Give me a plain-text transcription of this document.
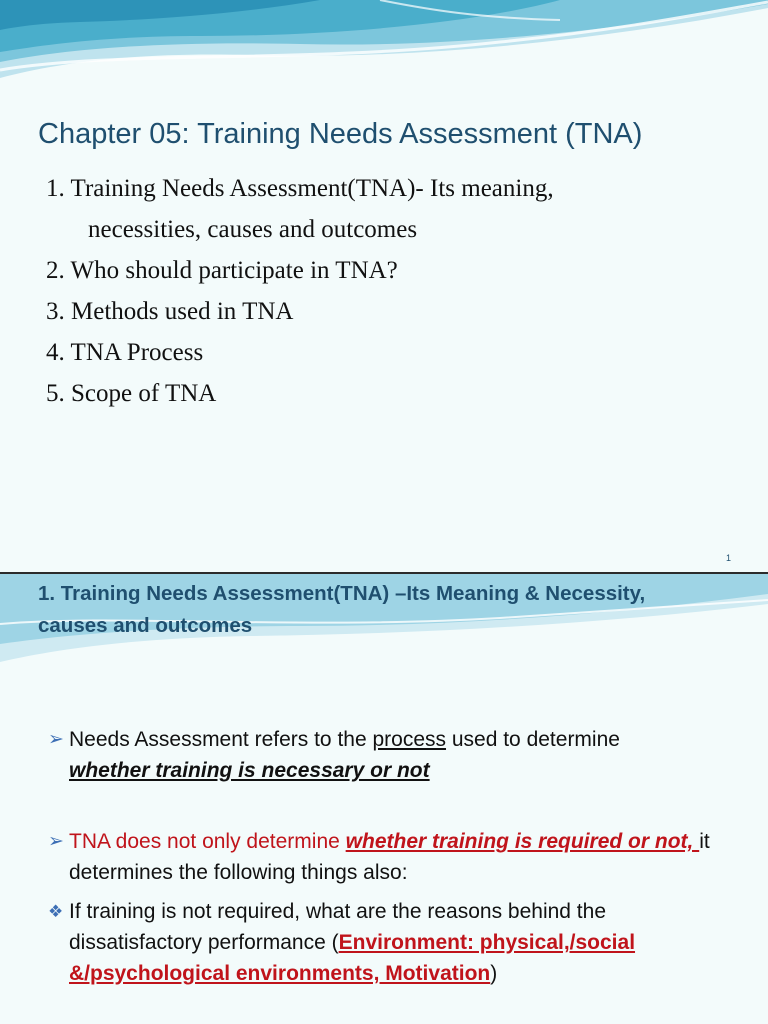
Chapter 05: Training Needs Assessment (TNA)
1. Training Needs Assessment(TNA)- Its meaning,
necessities, causes and outcomes
2. Who should participate in TNA?
3. Methods used in TNA
4. TNA Process
5. Scope of TNA
1
1. Training Needs Assessment(TNA) –Its Meaning & Necessity,
causes and outcomes
➢ Needs Assessment refers to the process used to determine
whether training is necessary or not
➢ TNA does not only determine whether training is required or not, it determines the following things also:
❖ If training is not required, what are the reasons behind the dissatisfactory performance (Environment: physical,/social &/psychological environments, Motivation)
